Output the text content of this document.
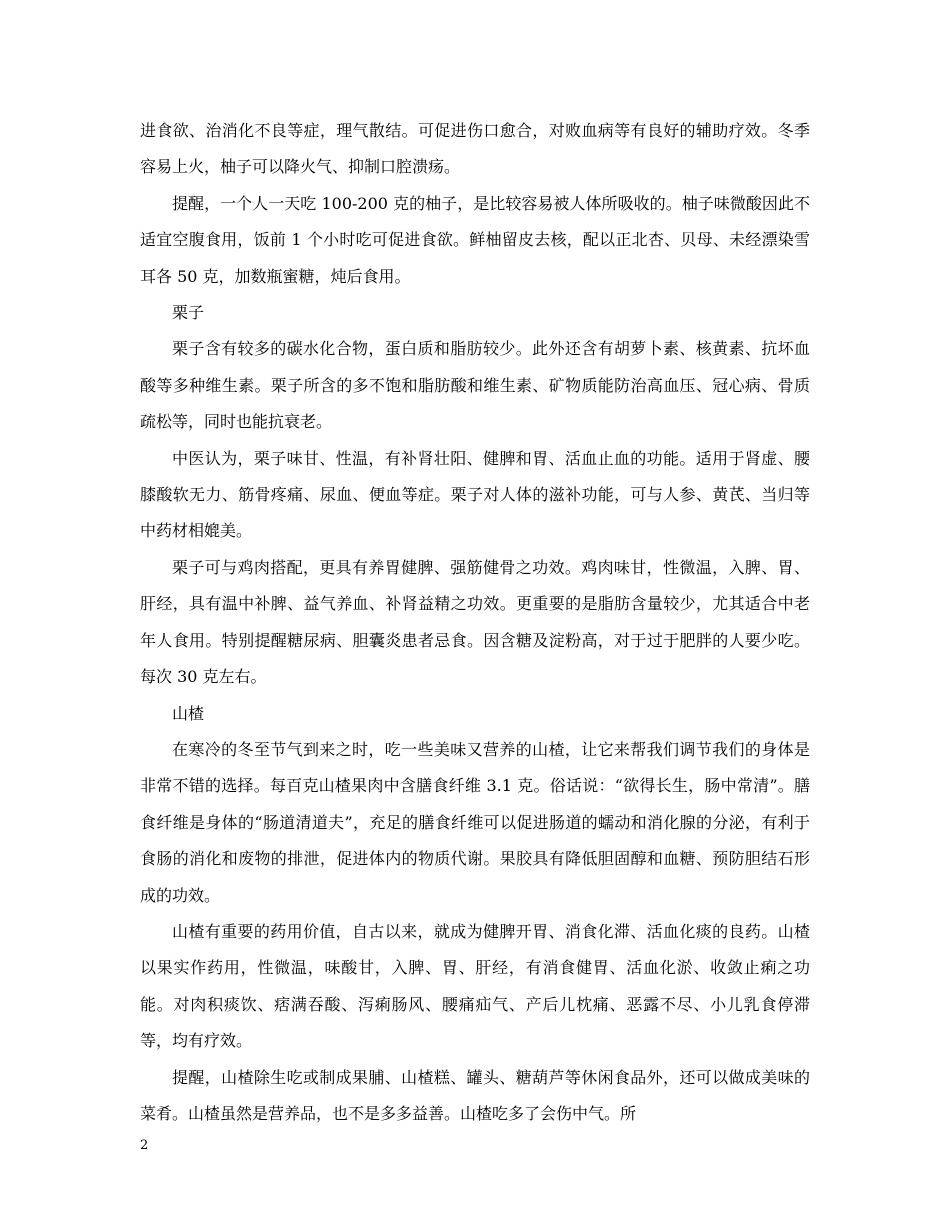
进食欲、治消化不良等症，理气散结。可促进伤口愈合，对败血病等有良好的辅助疗效。冬季容易上火，柚子可以降火气、抑制口腔溃疡。

提醒，一个人一天吃 100-200 克的柚子，是比较容易被人体所吸收的。柚子味微酸因此不适宜空腹食用，饭前 1 个小时吃可促进食欲。鲜柚留皮去核，配以正北杏、贝母、未经漂染雪耳各 50 克，加数瓶蜜糖，炖后食用。

栗子

栗子含有较多的碳水化合物，蛋白质和脂肪较少。此外还含有胡萝卜素、核黄素、抗坏血酸等多种维生素。栗子所含的多不饱和脂肪酸和维生素、矿物质能防治高血压、冠心病、骨质疏松等，同时也能抗衰老。

中医认为，栗子味甘、性温，有补肾壮阳、健脾和胃、活血止血的功能。适用于肾虚、腰膝酸软无力、筋骨疼痛、尿血、便血等症。栗子对人体的滋补功能，可与人参、黄芪、当归等中药材相媲美。

栗子可与鸡肉搭配，更具有养胃健脾、强筋健骨之功效。鸡肉味甘，性微温，入脾、胃、肝经，具有温中补脾、益气养血、补肾益精之功效。更重要的是脂肪含量较少，尤其适合中老年人食用。特别提醒糖尿病、胆囊炎患者忌食。因含糖及淀粉高，对于过于肥胖的人要少吃。每次 30 克左右。

山楂

在寒冷的冬至节气到来之时，吃一些美味又营养的山楂，让它来帮我们调节我们的身体是非常不错的选择。每百克山楂果肉中含膳食纤维 3.1 克。俗话说：“欲得长生，肠中常清”。膳食纤维是身体的“肠道清道夫”，充足的膳食纤维可以促进肠道的蠕动和消化腺的分泌，有利于食肠的消化和废物的排泄，促进体内的物质代谢。果胶具有降低胆固醇和血糖、预防胆结石形成的功效。

山楂有重要的药用价值，自古以来，就成为健脾开胃、消食化滞、活血化痰的良药。山楂以果实作药用，性微温，味酸甘，入脾、胃、肝经，有消食健胃、活血化淤、收敛止痢之功能。对肉积痰饮、痞满吞酸、泻痢肠风、腰痛疝气、产后儿枕痛、恶露不尽、小儿乳食停滞等，均有疗效。

提醒，山楂除生吃或制成果脯、山楂糕、罐头、糖葫芦等休闲食品外，还可以做成美味的菜肴。山楂虽然是营养品，也不是多多益善。山楂吃多了会伤中气。所

2
